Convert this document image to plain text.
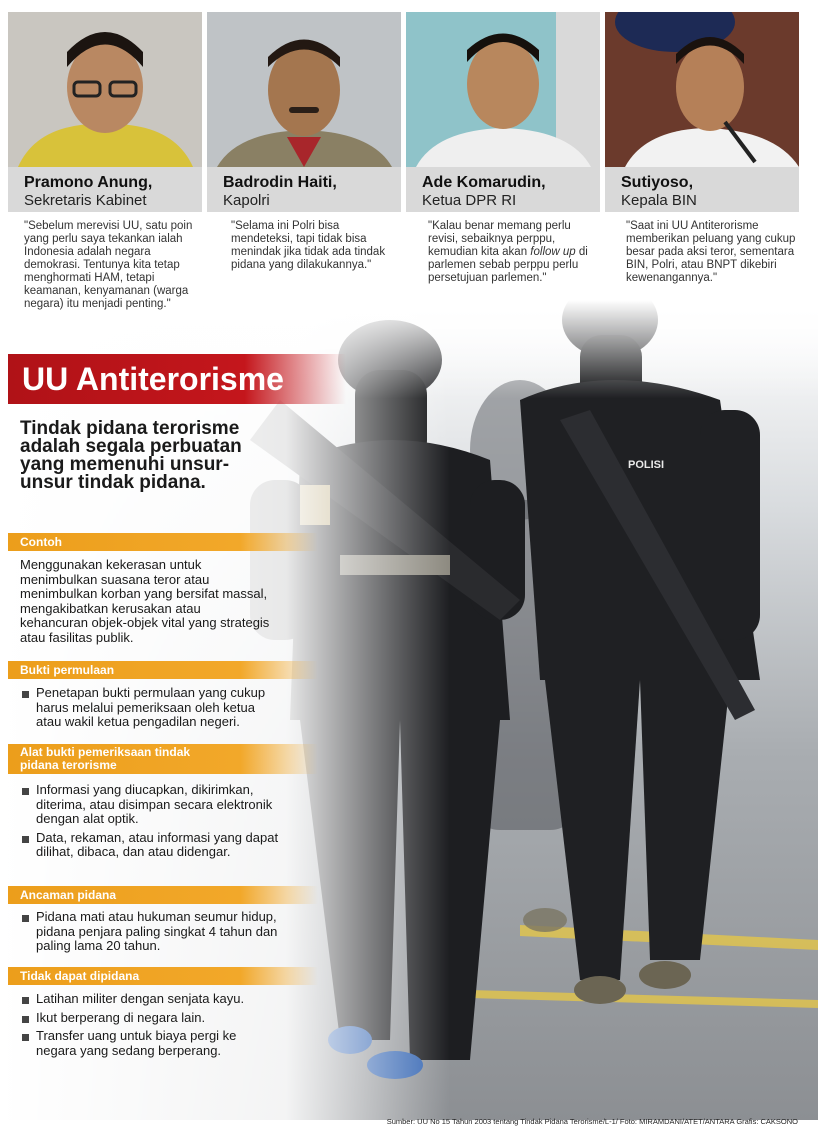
Pramono Anung,
Sekretaris Kabinet
Badrodin Haiti,
Kapolri
Ade Komarudin,
Ketua DPR RI
Sutiyoso,
Kepala BIN
"Sebelum merevisi UU, satu poin yang perlu saya tekankan ialah Indonesia adalah negara demokrasi. Tentunya kita tetap menghormati HAM, tetapi keamanan, kenyamanan (warga negara) itu menjadi penting."
"Selama ini Polri bisa mendeteksi, tapi tidak bisa menindak jika tidak ada tindak pidana yang dilakukannya."
"Kalau benar memang perlu revisi, sebaiknya perppu, kemudian kita akan follow up di parlemen sebab perppu perlu persetujuan parlemen."
"Saat ini UU Antiterorisme memberikan peluang yang cukup besar pada aksi teror, sementara BIN, Polri, atau BNPT dikebiri kewenangannya."
UU Antiterorisme
Tindak pidana terorisme adalah segala perbuatan yang memenuhi unsur-unsur tindak pidana.
Contoh
Menggunakan kekerasan untuk menimbulkan suasana teror atau menimbulkan korban yang bersifat massal, mengakibatkan kerusakan atau kehancuran objek-objek vital yang strategis atau fasilitas publik.
Bukti permulaan
Penetapan bukti permulaan yang cukup harus melalui pemeriksaan oleh ketua atau wakil ketua pengadilan negeri.
Alat bukti pemeriksaan tindak pidana terorisme
Informasi yang diucapkan, dikirimkan, diterima, atau disimpan secara elektronik dengan alat optik.
Data, rekaman, atau informasi yang dapat dilihat, dibaca, dan atau didengar.
Ancaman pidana
Pidana mati atau hukuman seumur hidup, pidana penjara paling singkat 4 tahun dan paling lama 20 tahun.
Tidak dapat dipidana
Latihan militer dengan senjata kayu.
Ikut berperang di negara lain.
Transfer uang untuk biaya pergi ke negara yang sedang berperang.
Sumber: UU No 15 Tahun 2003 tentang Tindak Pidana Terorisme/L-1/ Foto: MIRAMDANI/ATET/ANTARA Grafis: CAKSONO
